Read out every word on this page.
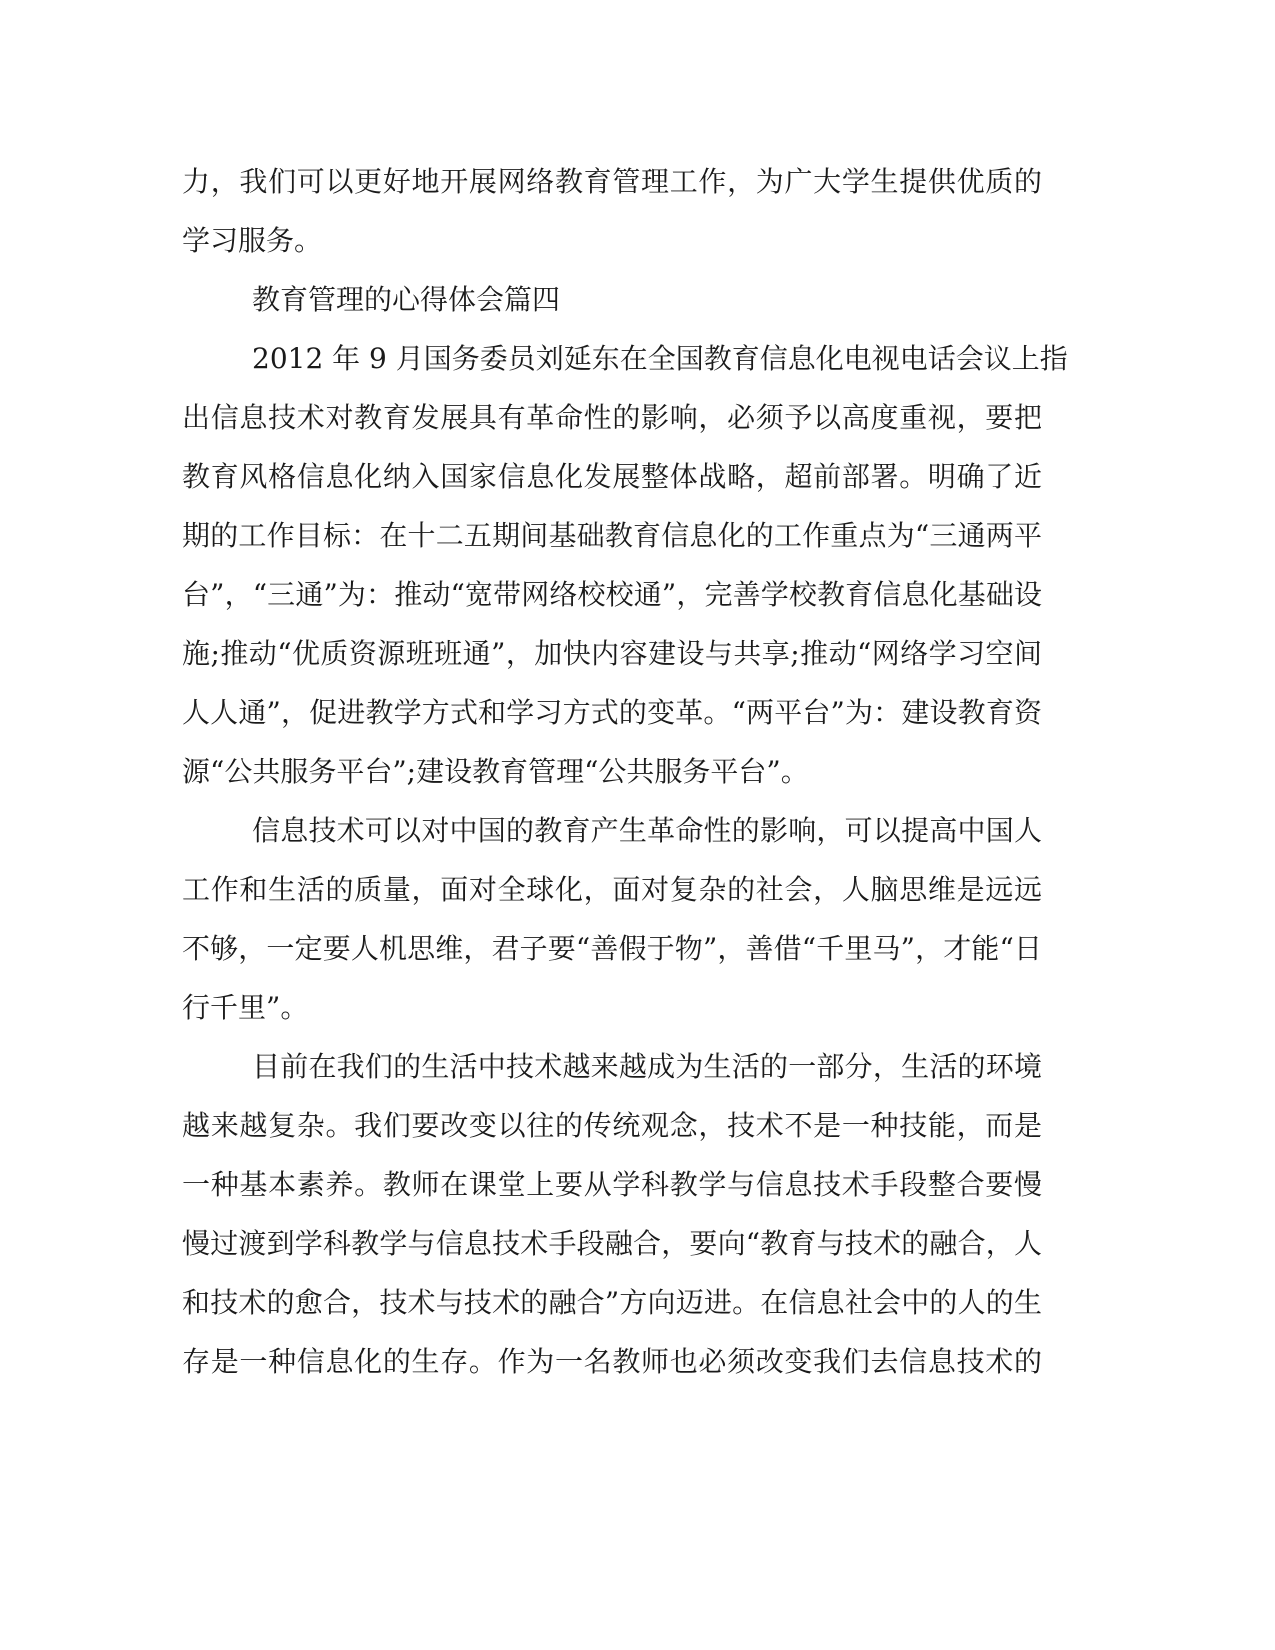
力，我们可以更好地开展网络教育管理工作，为广大学生提供优质的
学习服务。
教育管理的心得体会篇四
2012 年 9 月国务委员刘延东在全国教育信息化电视电话会议上指
出信息技术对教育发展具有革命性的影响，必须予以高度重视，要把
教育风格信息化纳入国家信息化发展整体战略，超前部署。明确了近
期的工作目标：在十二五期间基础教育信息化的工作重点为“三通两平
台”，“三通”为：推动“宽带网络校校通”，完善学校教育信息化基础设
施;推动“优质资源班班通”，加快内容建设与共享;推动“网络学习空间
人人通”，促进教学方式和学习方式的变革。“两平台”为：建设教育资
源“公共服务平台”;建设教育管理“公共服务平台”。
信息技术可以对中国的教育产生革命性的影响，可以提高中国人
工作和生活的质量，面对全球化，面对复杂的社会，人脑思维是远远
不够，一定要人机思维，君子要“善假于物”，善借“千里马”，才能“日
行千里”。
目前在我们的生活中技术越来越成为生活的一部分，生活的环境
越来越复杂。我们要改变以往的传统观念，技术不是一种技能，而是
一种基本素养。教师在课堂上要从学科教学与信息技术手段整合要慢
慢过渡到学科教学与信息技术手段融合，要向“教育与技术的融合，人
和技术的愈合，技术与技术的融合”方向迈进。在信息社会中的人的生
存是一种信息化的生存。作为一名教师也必须改变我们去信息技术的
